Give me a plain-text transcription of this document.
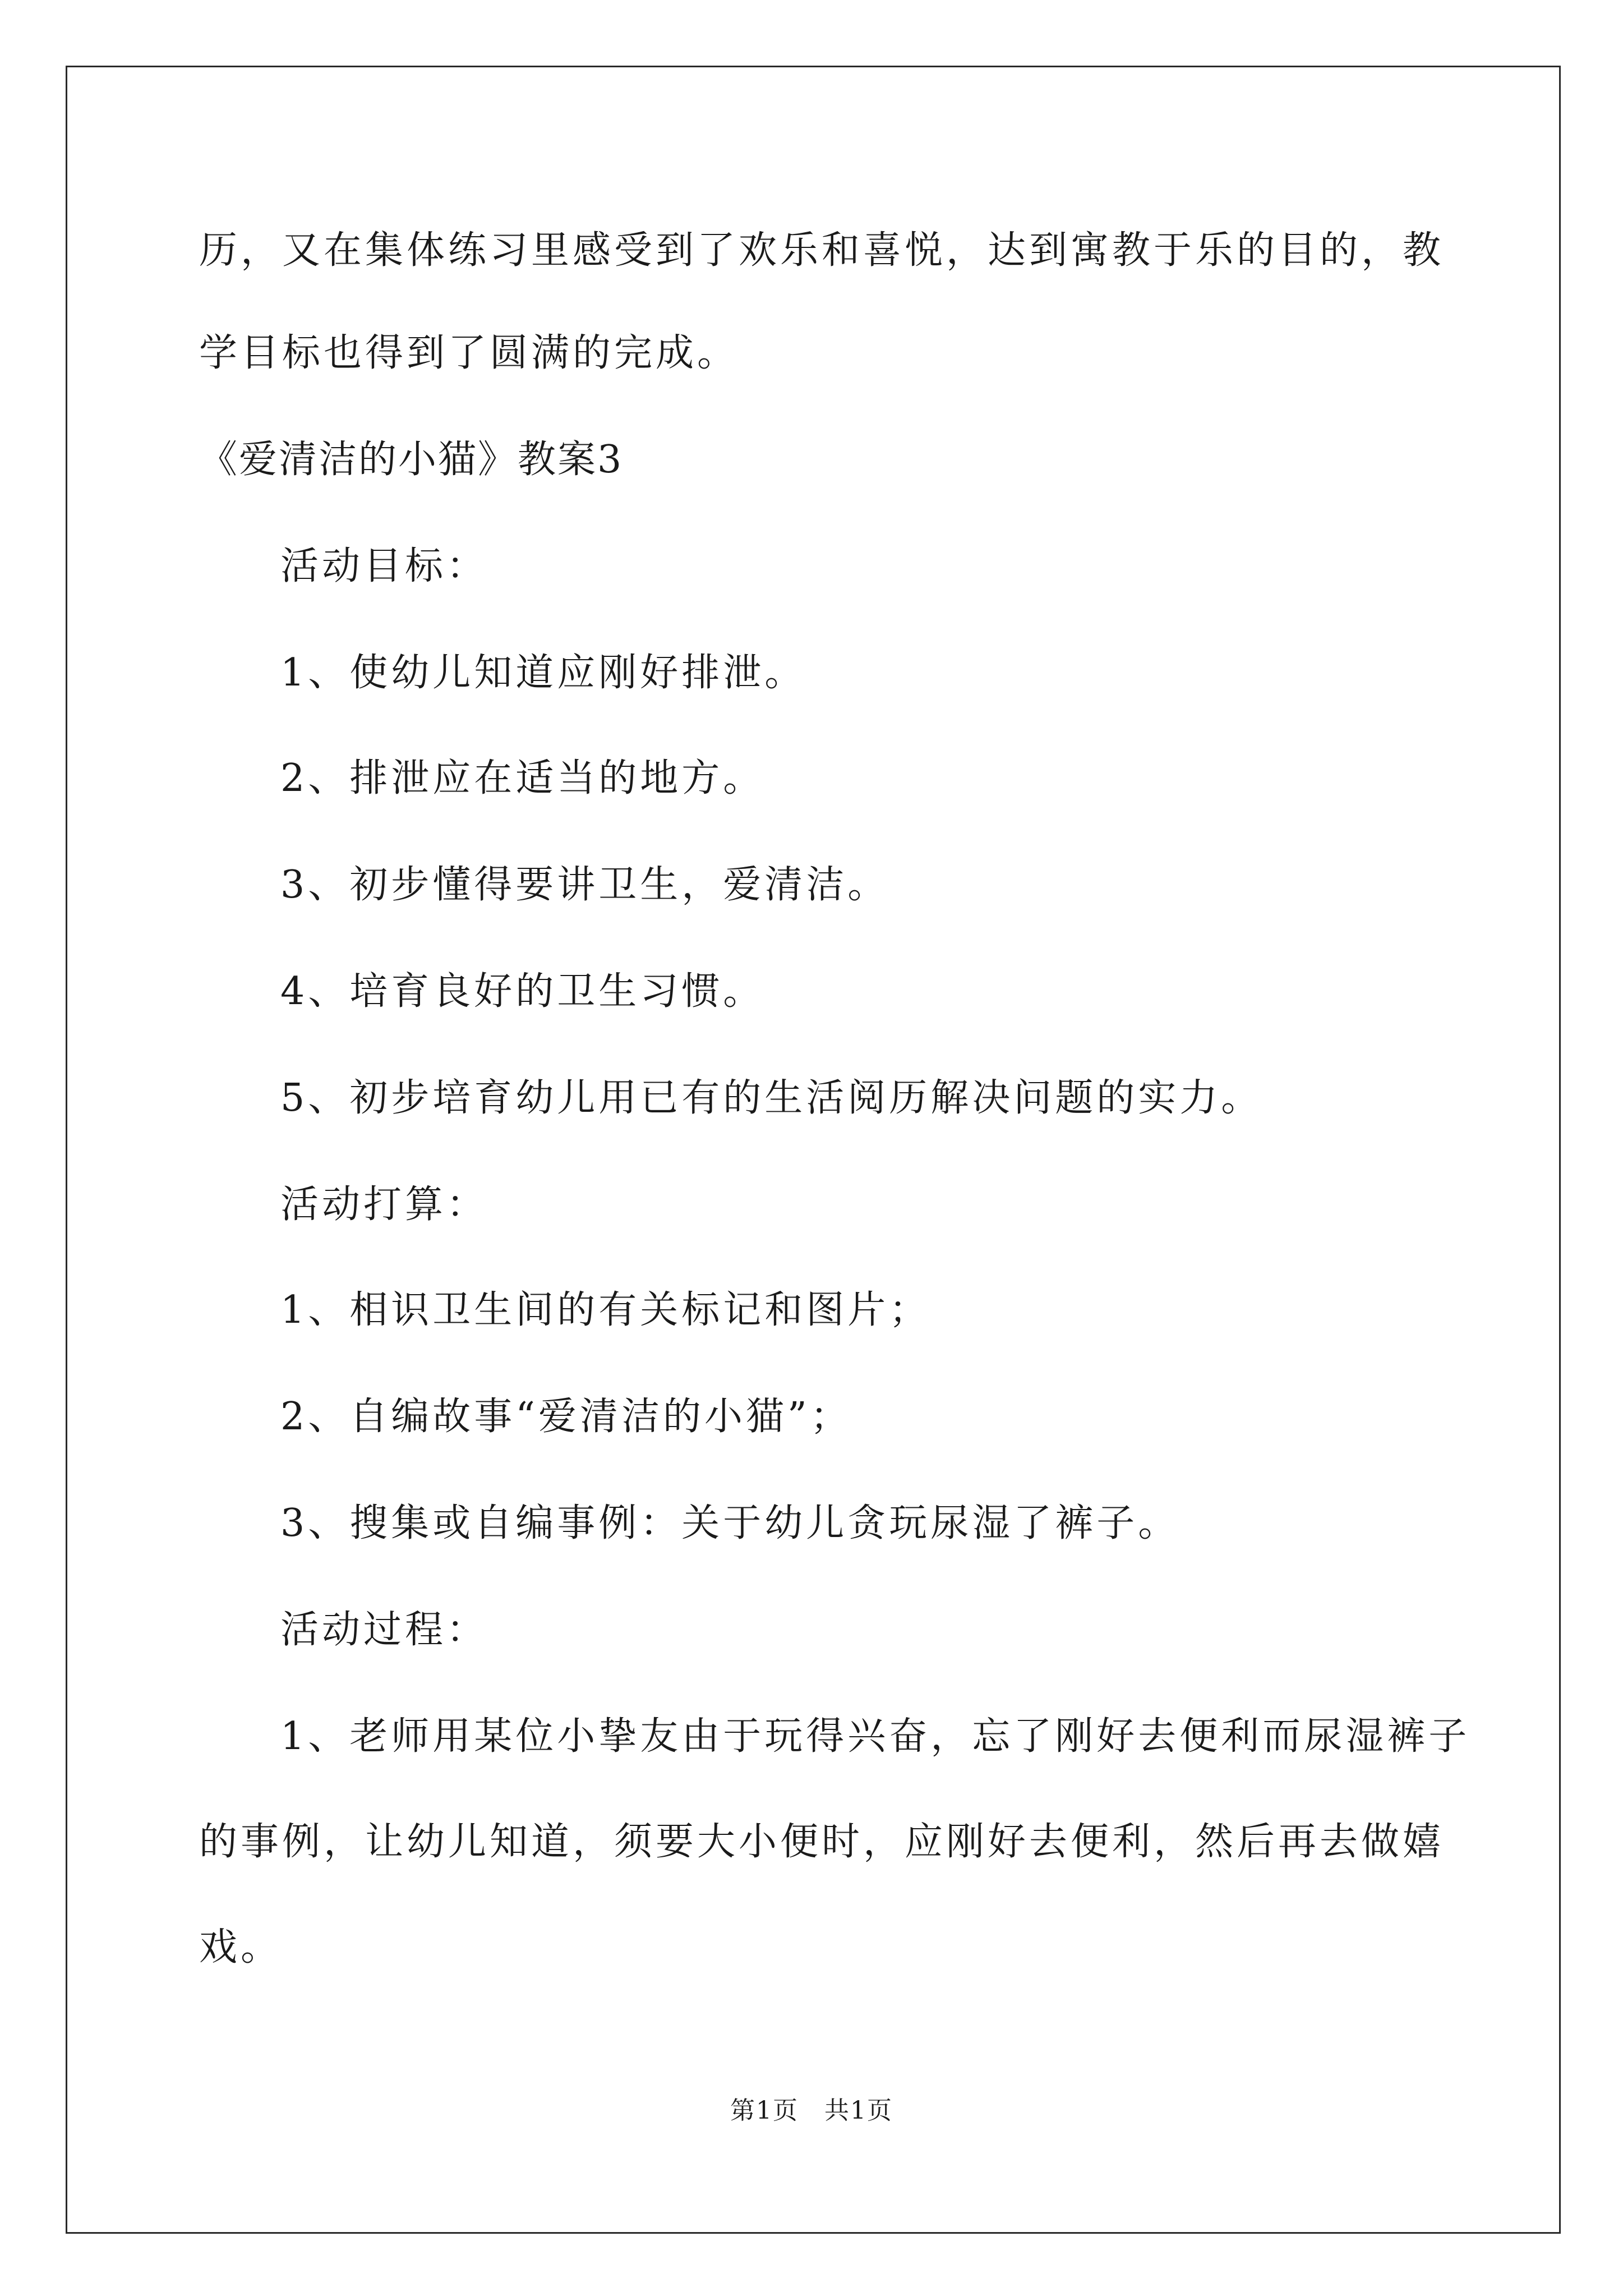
历，又在集体练习里感受到了欢乐和喜悦，达到寓教于乐的目的，教
学目标也得到了圆满的完成。
《爱清洁的小猫》教案3
活动目标：
1、使幼儿知道应刚好排泄。
2、排泄应在适当的地方。
3、初步懂得要讲卫生，爱清洁。
4、培育良好的卫生习惯。
5、初步培育幼儿用已有的生活阅历解决问题的实力。
活动打算：
1、相识卫生间的有关标记和图片；
2、自编故事“爱清洁的小猫”；
3、搜集或自编事例：关于幼儿贪玩尿湿了裤子。
活动过程：
1、老师用某位小挚友由于玩得兴奋，忘了刚好去便利而尿湿裤子
的事例，让幼儿知道，须要大小便时，应刚好去便利，然后再去做嬉
戏。
第1页　共1页
